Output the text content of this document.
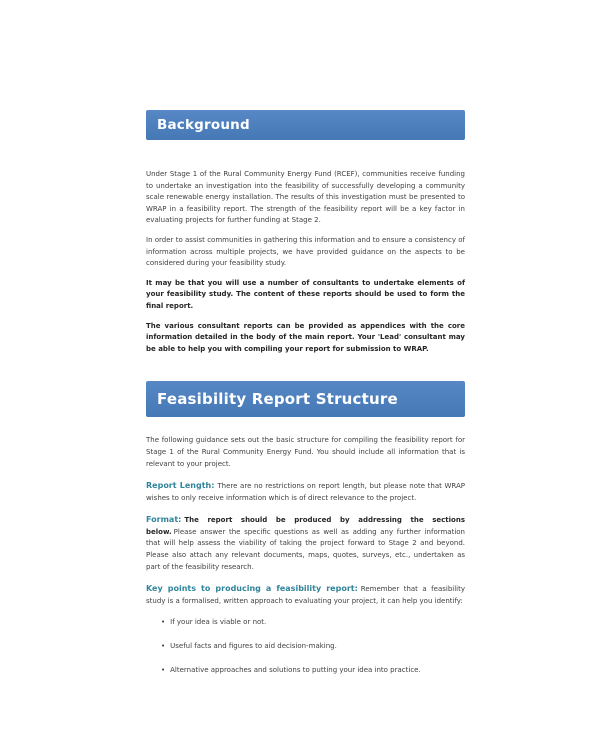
Background

Under Stage 1 of the Rural Community Energy Fund (RCEF), communities receive funding to undertake an investigation into the feasibility of successfully developing a community scale renewable energy installation. The results of this investigation must be presented to WRAP in a feasibility report. The strength of the feasibility report will be a key factor in evaluating projects for further funding at Stage 2.

In order to assist communities in gathering this information and to ensure a consistency of information across multiple projects, we have provided guidance on the aspects to be considered during your feasibility study.

It may be that you will use a number of consultants to undertake elements of your feasibility study. The content of these reports should be used to form the final report.

The various consultant reports can be provided as appendices with the core information detailed in the body of the main report. Your 'Lead' consultant may be able to help you with compiling your report for submission to WRAP.

Feasibility Report Structure

The following guidance sets out the basic structure for compiling the feasibility report for Stage 1 of the Rural Community Energy Fund. You should include all information that is relevant to your project.

Report Length: There are no restrictions on report length, but please note that WRAP wishes to only receive information which is of direct relevance to the project.

Format: The report should be produced by addressing the sections below. Please answer the specific questions as well as adding any further information that will help assess the viability of taking the project forward to Stage 2 and beyond. Please also attach any relevant documents, maps, quotes, surveys, etc., undertaken as part of the feasibility research.

Key points to producing a feasibility report: Remember that a feasibility study is a formalised, written approach to evaluating your project, it can help you identify:

• If your idea is viable or not.
• Useful facts and figures to aid decision-making.
• Alternative approaches and solutions to putting your idea into practice.
